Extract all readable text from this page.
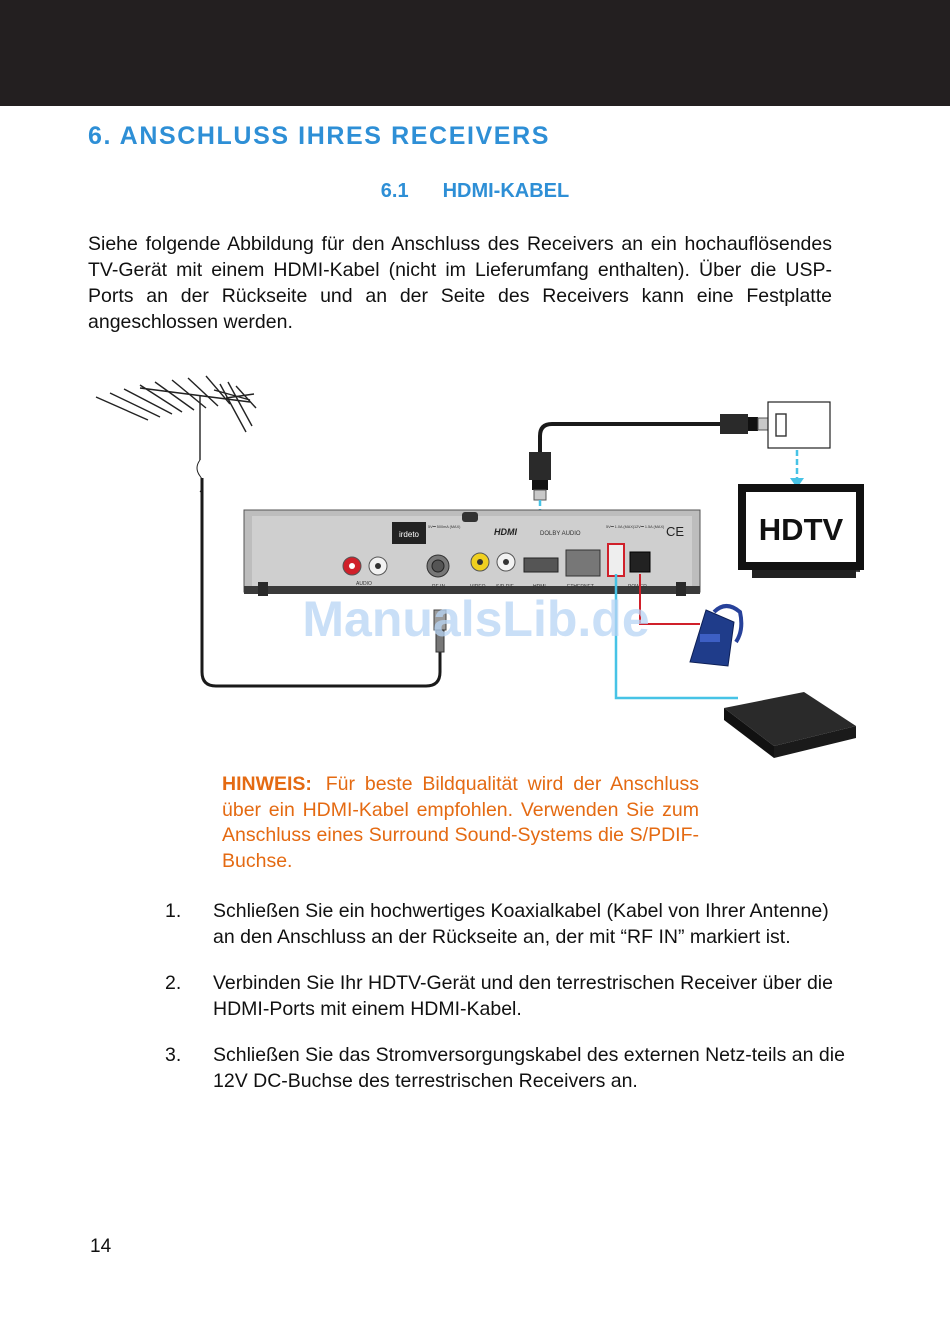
6. ANSCHLUSS IHRES RECEIVERS
6.1 HDMI-KABEL
Siehe folgende Abbildung für den Anschluss des Receivers an ein hochauflösendes TV-Gerät mit einem HDMI-Kabel (nicht im Lieferumfang enthalten). Über die USP-Ports an der Rückseite und an der Seite des Receivers kann eine Festplatte angeschlossen werden.
HDTV
irdeto	HDMI	DOLBY AUDIO	CE
5V⎓ 500mA (MAX)	5V⎓ 1.0A (MAX) 12V⎓ 1.5A (MAX)
AUDIO	RF IN	VIDEO S/P-DIF	HDMI	ETHERNET	POWER
ManualsLib.de
HINWEIS: Für beste Bildqualität wird der Anschluss über ein HDMI-Kabel empfohlen. Verwenden Sie zum Anschluss eines Surround Sound-Systems die S/PDIF-Buchse.
1. Schließen Sie ein hochwertiges Koaxialkabel (Kabel von Ihrer Antenne) an den Anschluss an der Rückseite an, der mit “RF IN” markiert ist.
2. Verbinden Sie Ihr HDTV-Gerät und den terrestrischen Receiver über die HDMI-Ports mit einem HDMI-Kabel.
3. Schließen Sie das Stromversorgungskabel des externen Netz-teils an die 12V DC-Buchse des terrestrischen Receivers an.
14
